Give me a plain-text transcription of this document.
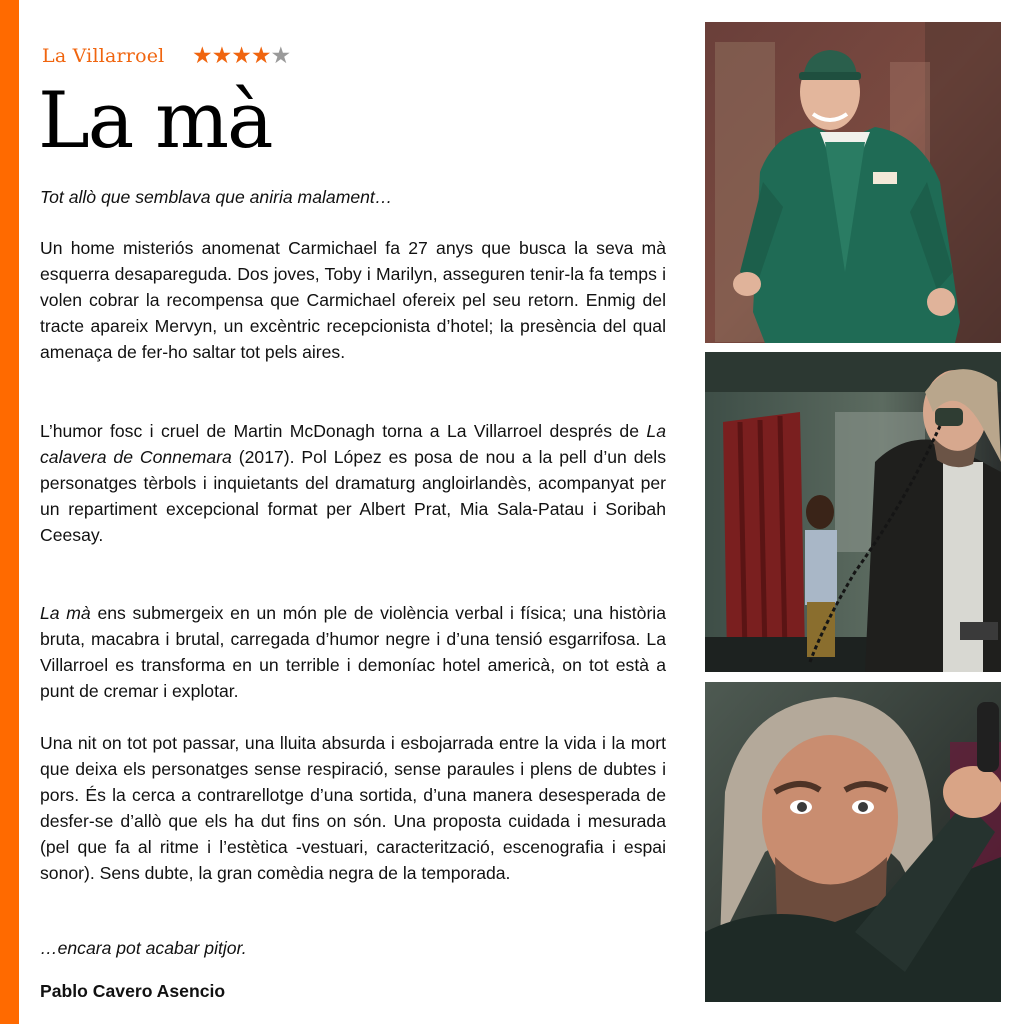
La Villarroel ★★★★★
La mà

Tot allò que semblava que aniria malament…

Un home misteriós anomenat Carmichael fa 27 anys que busca la seva mà esquerra desapareguda. Dos joves, Toby i Marilyn, asseguren tenir-la fa temps i volen cobrar la recompensa que Carmichael ofereix pel seu retorn. Enmig del tracte apareix Mervyn, un excèntric recepcionista d’hotel; la presència del qual amenaça de fer-ho saltar tot pels aires.

L’humor fosc i cruel de Martin McDonagh torna a La Villarroel després de La calavera de Connemara (2017). Pol López es posa de nou a la pell d’un dels personatges tèrbols i inquietants del dramaturg angloirlandès, acompanyat per un repartiment excepcional format per Albert Prat, Mia Sala-Patau i Soribah Ceesay.

La mà ens submergeix en un món ple de violència verbal i física; una història bruta, macabra i brutal, carregada d’humor negre i d’una tensió esgarrifosa. La Villarroel es transforma en un terrible i demoníac hotel americà, on tot està a punt de cremar i explotar.

Una nit on tot pot passar, una lluita absurda i esbojarrada entre la vida i la mort que deixa els personatges sense respiració, sense paraules i plens de dubtes i pors. És la cerca a contrarellotge d’una sortida, d’una manera desesperada de desfer-se d’allò que els ha dut fins on són. Una proposta cuidada i mesurada (pel que fa al ritme i l’estètica -vestuari, caracterització, escenografia i espai sonor). Sens dubte, la gran comèdia negra de la temporada.

…encara pot acabar pitjor.

Pablo Cavero Asencio
